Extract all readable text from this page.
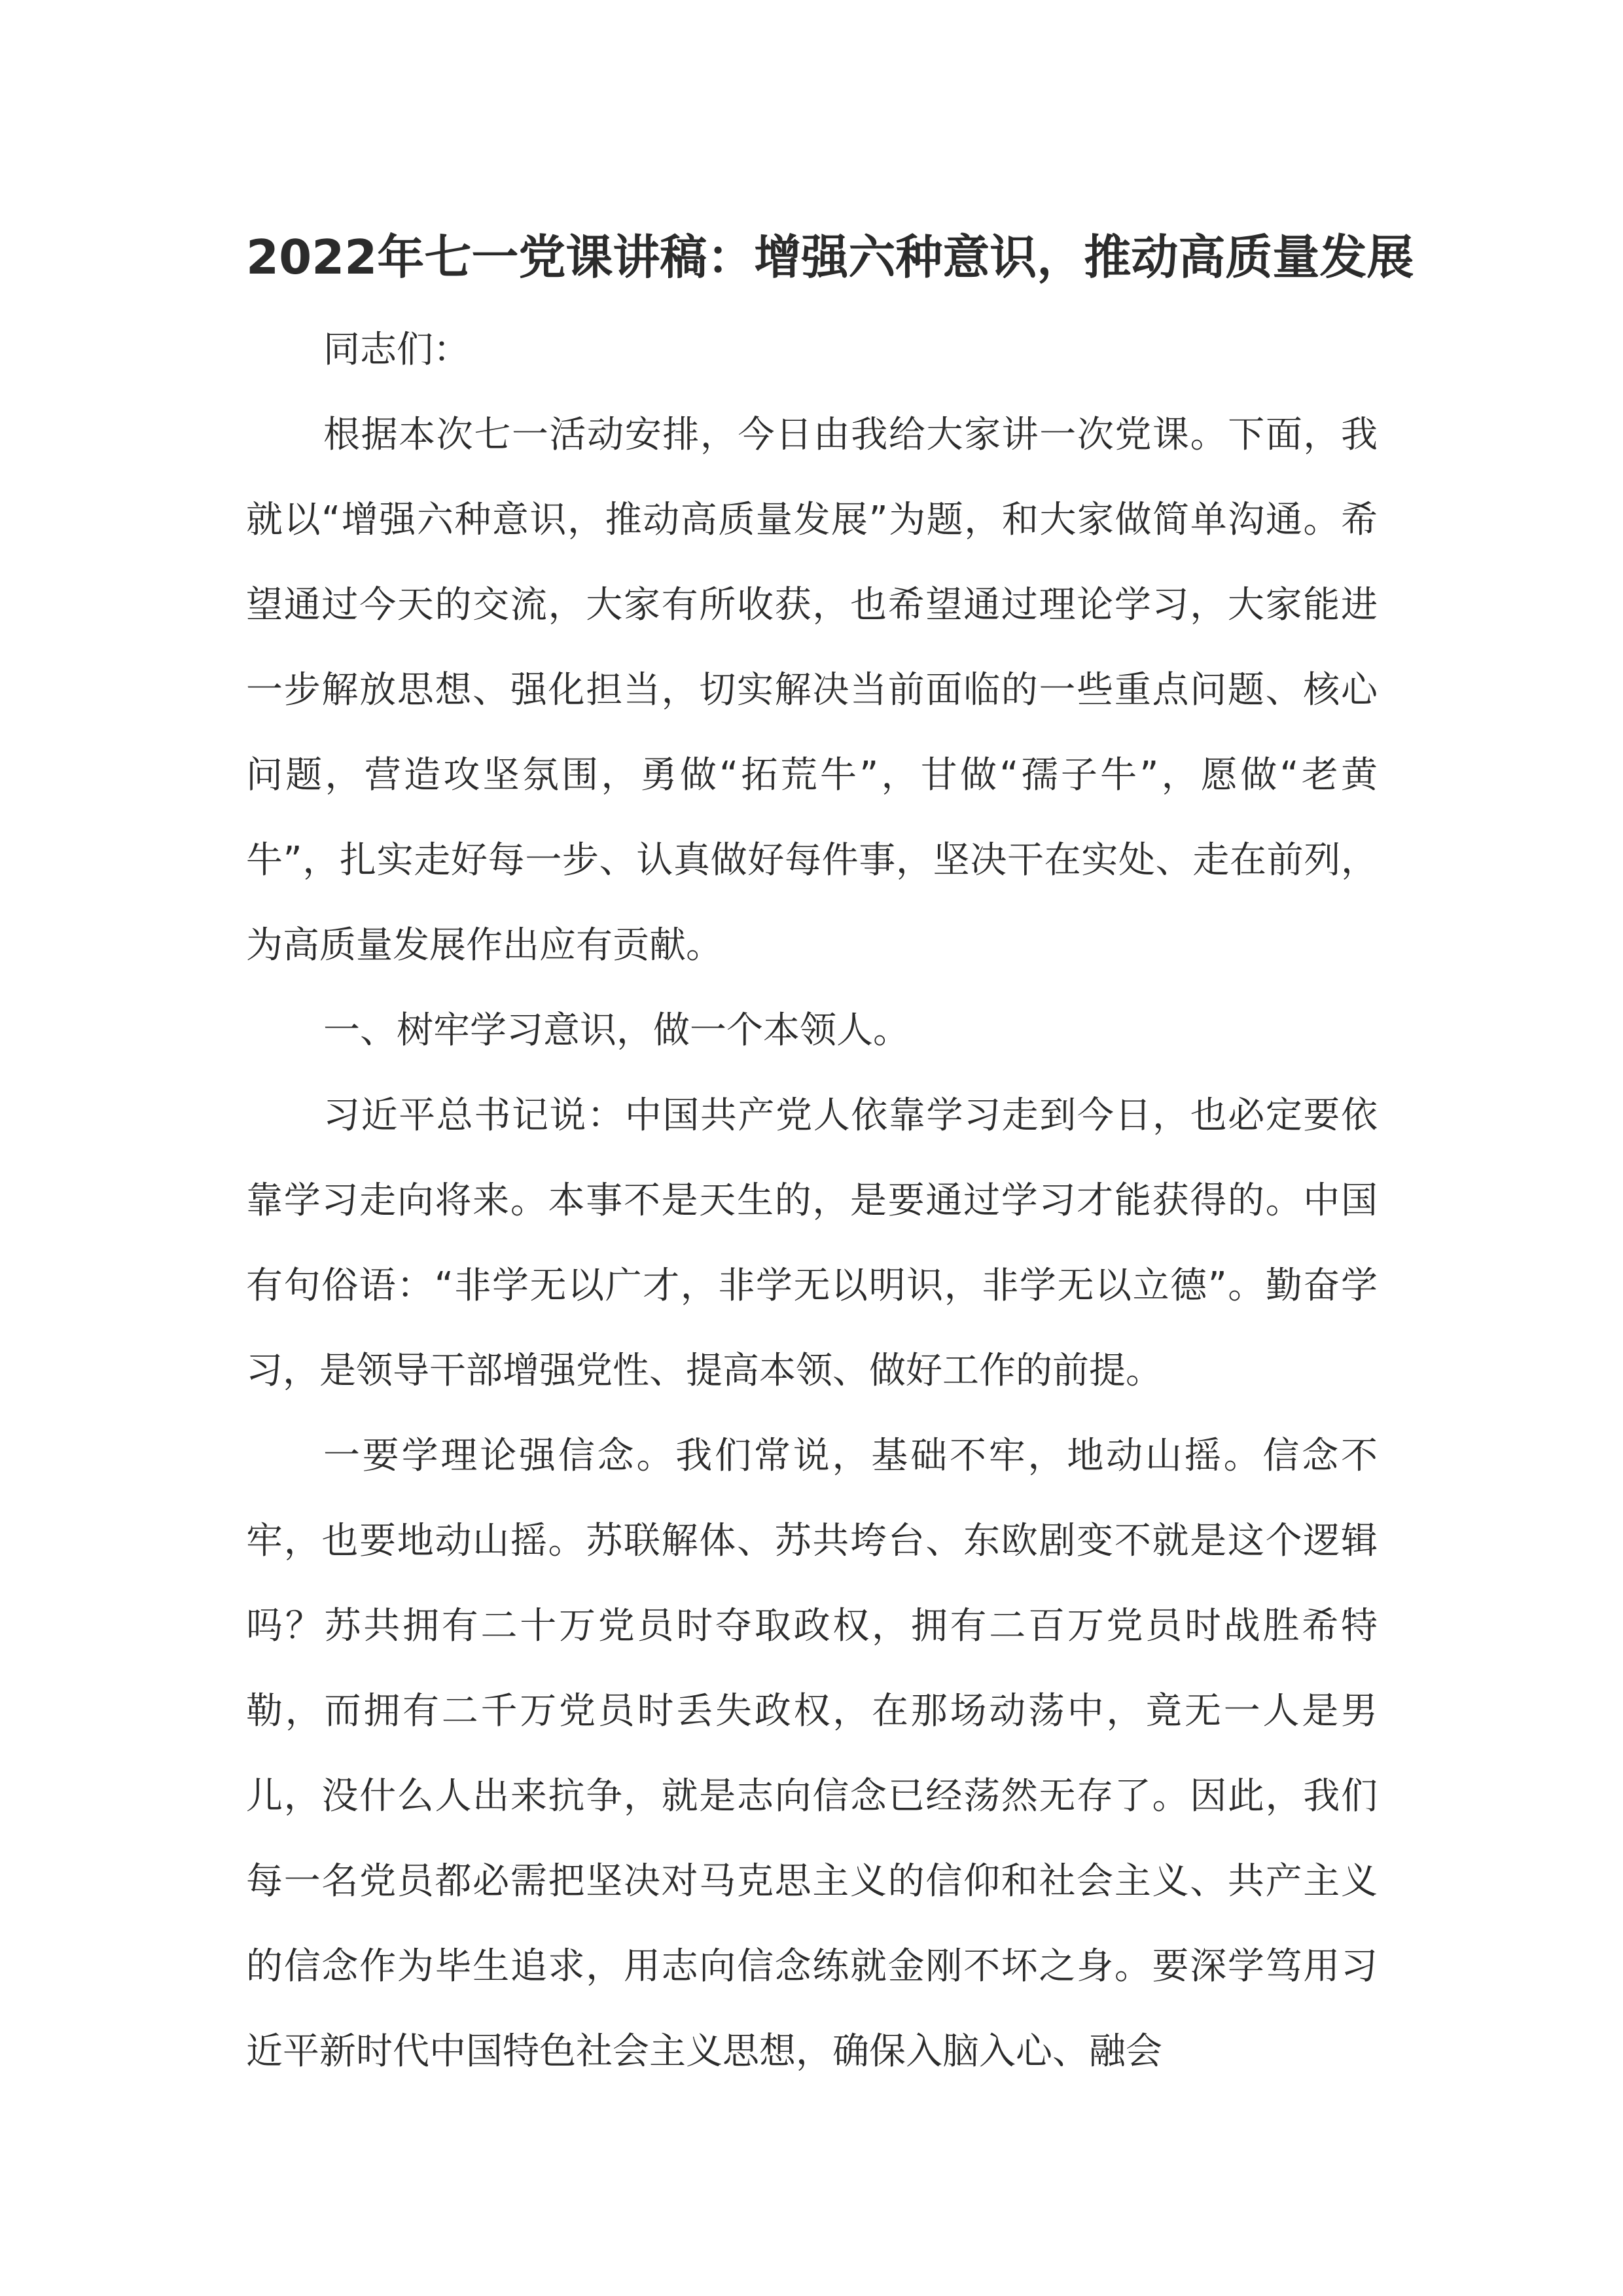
2022年七一党课讲稿：增强六种意识，推动高质量发展

同志们：

根据本次七一活动安排，今日由我给大家讲一次党课。下面，我就以“增强六种意识，推动高质量发展”为题，和大家做简单沟通。希望通过今天的交流，大家有所收获，也希望通过理论学习，大家能进一步解放思想、强化担当，切实解决当前面临的一些重点问题、核心问题，营造攻坚氛围，勇做“拓荒牛”，甘做“孺子牛”，愿做“老黄牛”，扎实走好每一步、认真做好每件事，坚决干在实处、走在前列，为高质量发展作出应有贡献。

一、树牢学习意识，做一个本领人。

习近平总书记说：中国共产党人依靠学习走到今日，也必定要依靠学习走向将来。本事不是天生的，是要通过学习才能获得的。中国有句俗语：“非学无以广才，非学无以明识，非学无以立德”。勤奋学习，是领导干部增强党性、提高本领、做好工作的前提。

一要学理论强信念。我们常说，基础不牢，地动山摇。信念不牢，也要地动山摇。苏联解体、苏共垮台、东欧剧变不就是这个逻辑吗？苏共拥有二十万党员时夺取政权，拥有二百万党员时战胜希特勒，而拥有二千万党员时丢失政权，在那场动荡中，竟无一人是男儿，没什么人出来抗争，就是志向信念已经荡然无存了。因此，我们每一名党员都必需把坚决对马克思主义的信仰和社会主义、共产主义的信念作为毕生追求，用志向信念练就金刚不坏之身。要深学笃用习近平新时代中国特色社会主义思想，确保入脑入心、融会
